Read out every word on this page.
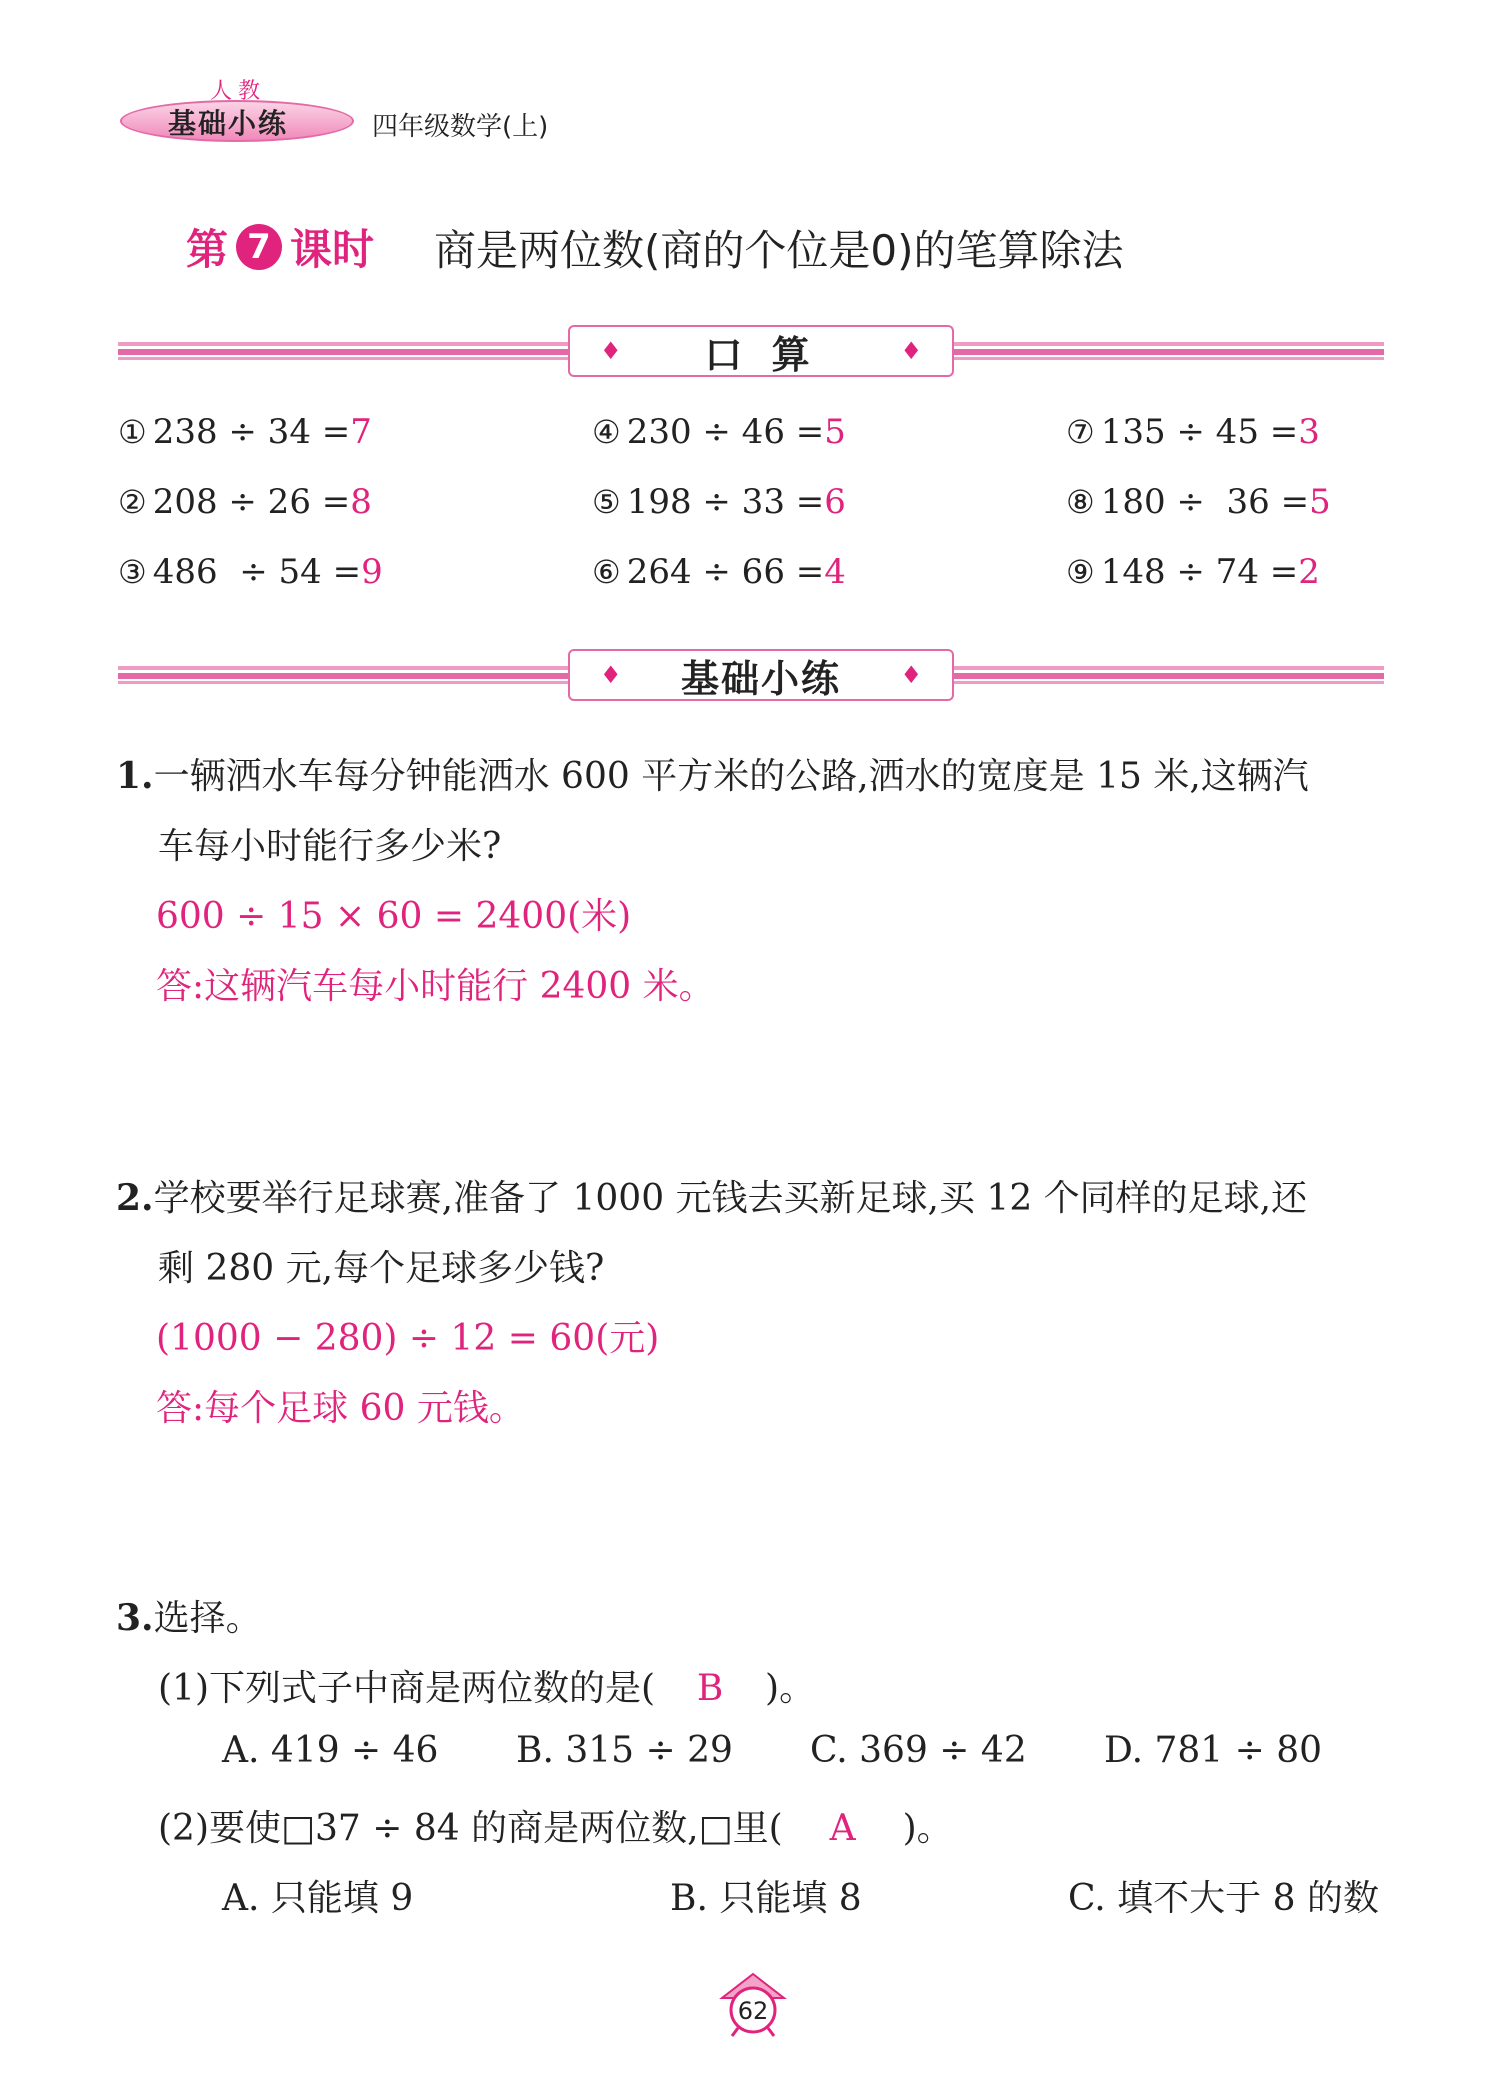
人教
基础小练	四年级数学(上)
第 7 课时 商是两位数(商的个位是0)的笔算除法
♦ 口 算	♦
① 238 ÷ 34 =7
② 208 ÷ 26 =8
③ 486  ÷ 54 =9
④ 230 ÷ 46 =5
⑤ 198 ÷ 33 =6
⑥ 264 ÷ 66 =4
⑦ 135 ÷ 45 =3
⑧ 180 ÷  36 =5
⑨ 148 ÷ 74 =2
♦ 基础小练 ♦
1.一辆洒水车每分钟能洒水 600 平方米的公路,洒水的宽度是 15 米,这辆汽
车每小时能行多少米?
600 ÷ 15 × 60 = 2400(米)
答:这辆汽车每小时能行 2400 米。
2.学校要举行足球赛,准备了 1000 元钱去买新足球,买 12 个同样的足球,还
剩 280 元,每个足球多少钱?
(1000 − 280) ÷ 12 = 60(元)
答:每个足球 60 元钱。
3.选择。
(1)下列式子中商是两位数的是( B )。
A. 419 ÷ 46 B. 315 ÷ 29 C. 369 ÷ 42 D. 781 ÷ 80
(2)要使□37 ÷ 84 的商是两位数,□里( A )。
A. 只能填 9	B. 只能填 8	C. 填不大于 8 的数
62
